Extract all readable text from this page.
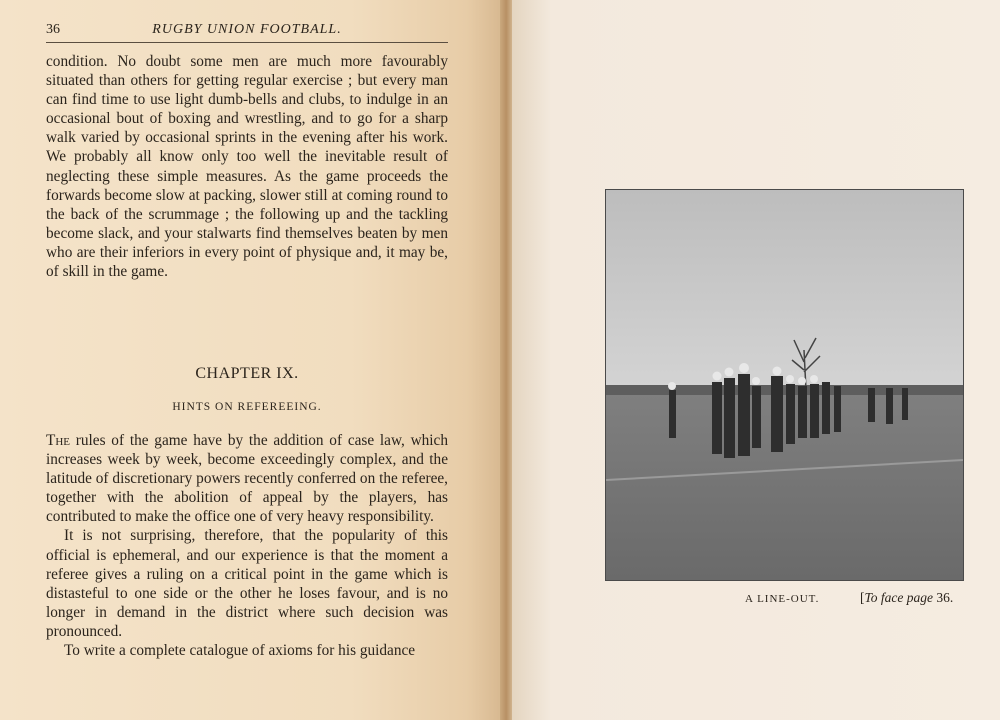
36	RUGBY UNION FOOTBALL.

condition. No doubt some men are much more favourably situated than others for getting regular exercise ; but every man can find time to use light dumb-bells and clubs, to indulge in an occasional bout of boxing and wrestling, and to go for a sharp walk varied by occasional sprints in the evening after his work. We probably all know only too well the inevitable result of neglecting these simple measures. As the game proceeds the forwards become slow at packing, slower still at coming round to the back of the scrummage ; the following up and the tackling become slack, and your stalwarts find themselves beaten by men who are their inferiors in every point of physique and, it may be, of skill in the game.

CHAPTER IX.
HINTS ON REFEREEING.

The rules of the game have by the addition of case law, which increases week by week, become exceedingly complex, and the latitude of discretionary powers recently conferred on the referee, together with the abolition of appeal by the players, has contributed to make the office one of very heavy responsibility.

It is not surprising, therefore, that the popularity of this official is ephemeral, and our experience is that the moment a referee gives a ruling on a critical point in the game which is distasteful to one side or the other he loses favour, and is no longer in demand in the district where such decision was pronounced.

To write a complete catalogue of axioms for his guidance

A LINE-OUT.	[To face page 36.
